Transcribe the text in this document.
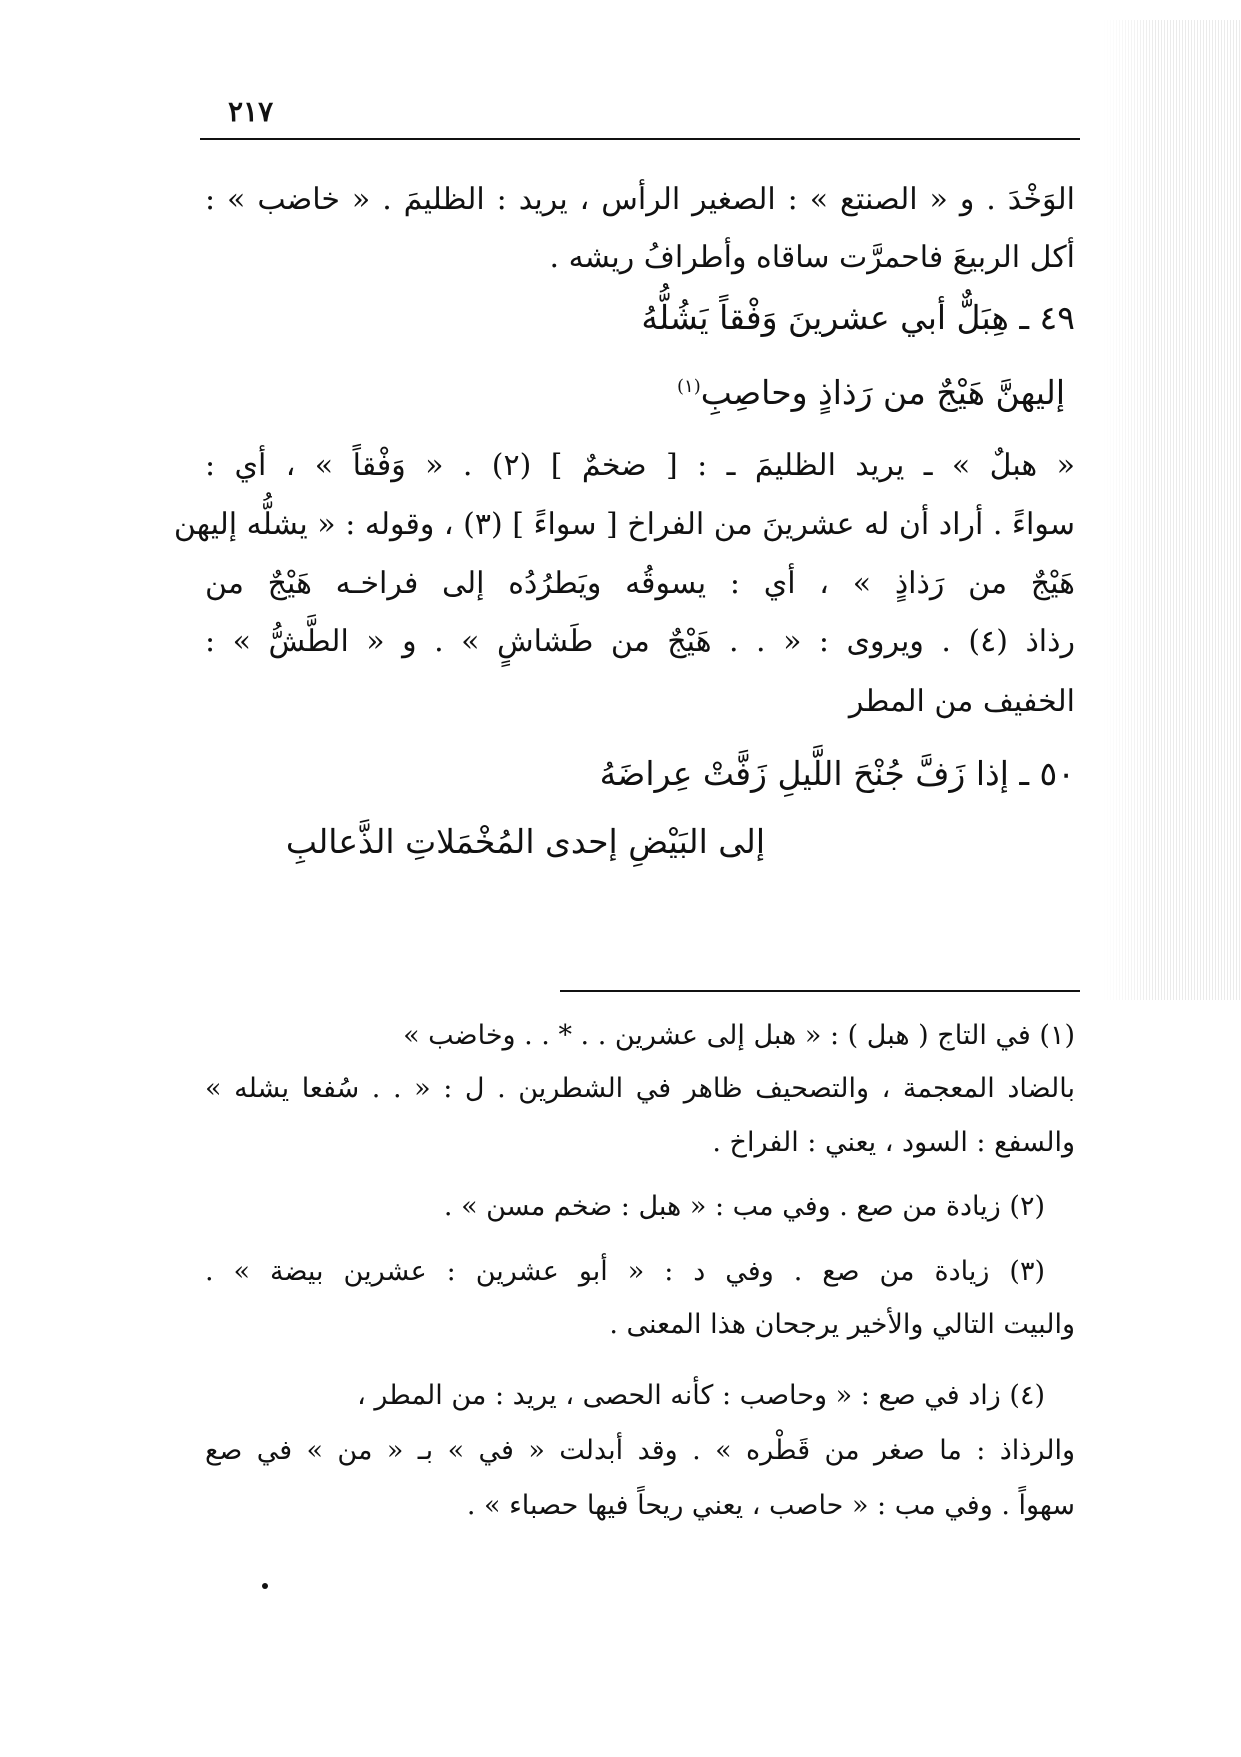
٢١٧
الوَخْدَ . و « الصنتع » : الصغير الرأس ، يريد : الظليمَ . « خاضب » :
أكل الربيعَ فاحمرَّت ساقاه وأطرافُ ريشه .
٤٩ ـ هِبَلٌّ أبي عشرينَ وَفْقاً يَشُلُّهُ
إليهنَّ هَيْجٌ من رَذاذٍ وحاصِبِ$^{(١)}$
« هبلٌ » ـ يريد الظليمَ ـ : [ ضخمٌ ] (٢) . « وَفْقاً » ، أي :
سواءً . أراد أن له عشرينَ من الفراخ [ سواءً ] (٣) ، وقوله : « يشلُّه إليهن
هَيْجٌ من رَذاذٍ » ، أي : يسوقُه ويَطرُدُه إلى فراخـه هَيْجٌ من
رذاذ (٤) . ويروى : « . . هَيْجٌ من طَشاشٍ » . و « الطَّشُّ » :
الخفيف من المطر
٥٠ ـ إذا زَفَّ جُنْحَ اللَّيلِ زَفَّتْ عِراضَهُ
إلى البَيْضِ إحدى المُخْمَلاتِ الذَّعالبِ
(١) في التاج ( هبل ) : « هبل إلى عشرين . . * . . وخاضب »
بالضاد المعجمة ، والتصحيف ظاهر في الشطرين . ل : « . . سُفعا يشله »
والسفع : السود ، يعني : الفراخ .
(٢) زيادة من صع . وفي مب : « هبل : ضخم مسن » .
(٣) زيادة من صع . وفي د : « أبو عشرين : عشرين بيضة » .
والبيت التالي والأخير يرجحان هذا المعنى .
(٤) زاد في صع : « وحاصب : كأنه الحصى ، يريد : من المطر ،
والرذاذ : ما صغر من قَطْره » . وقد أبدلت « في » بـ « من » في صع
سهواً . وفي مب : « حاصب ، يعني ريحاً فيها حصباء » .
